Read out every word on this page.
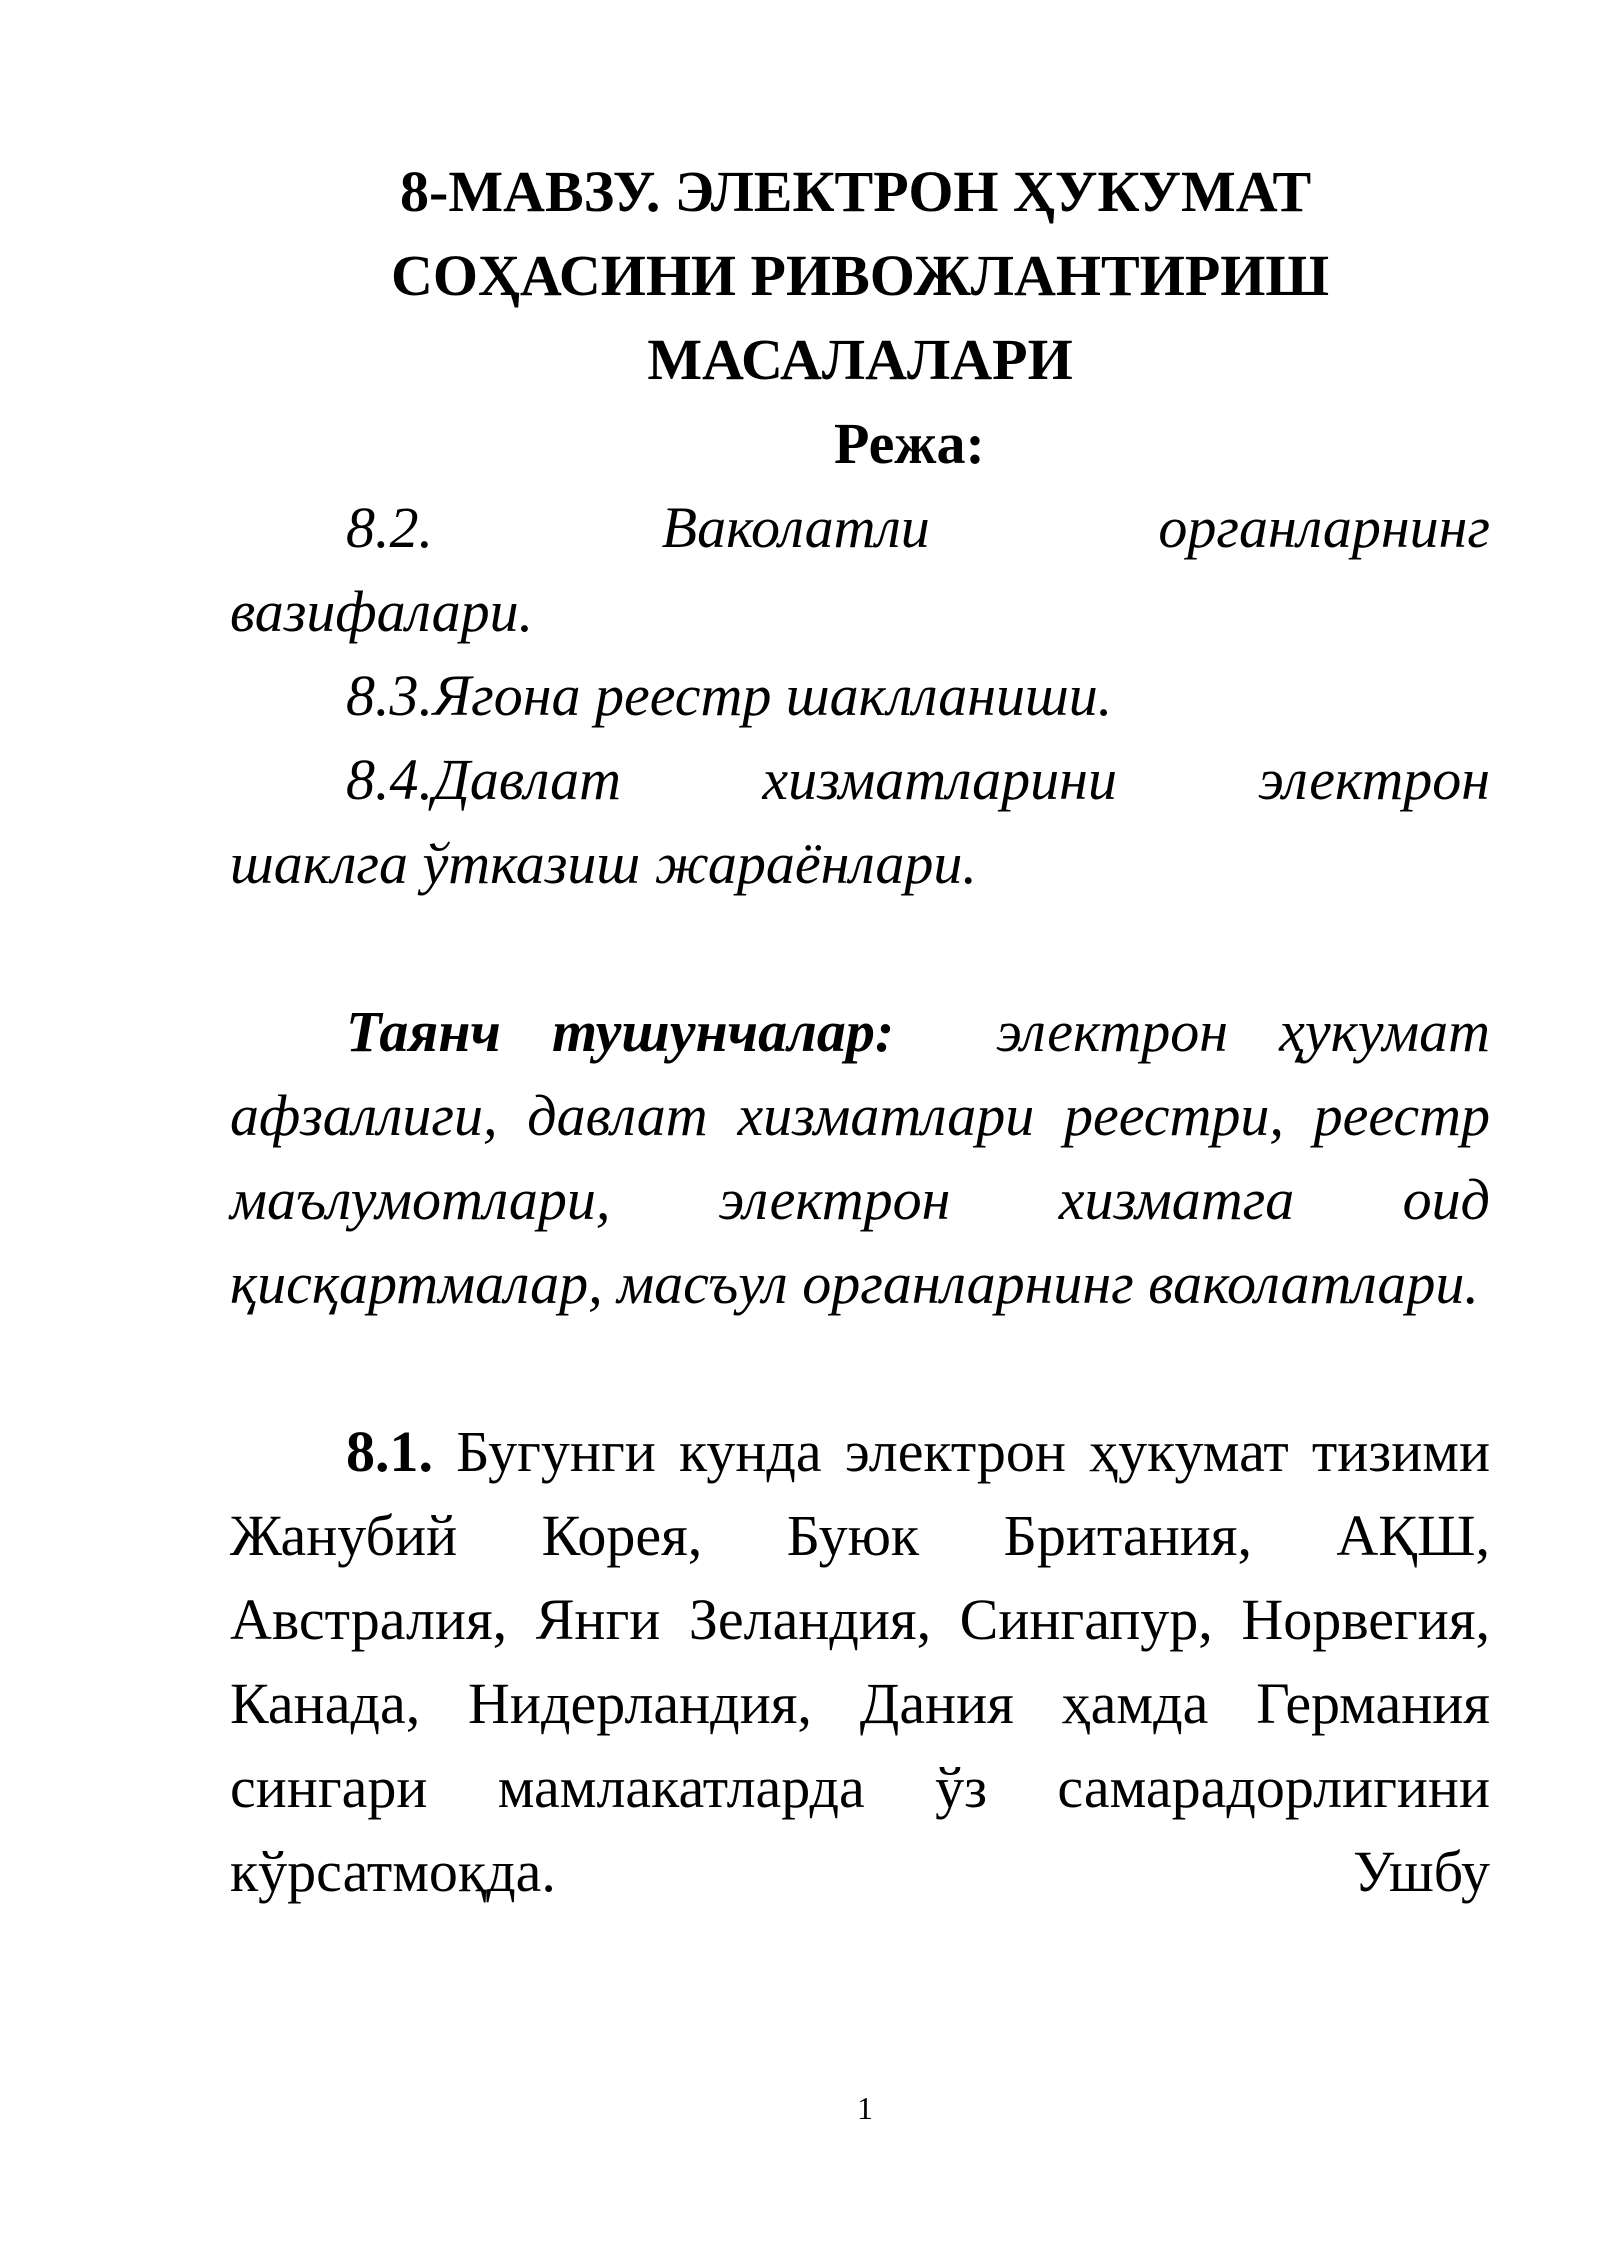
8-МАВЗУ. ЭЛЕКТРОН ҲУКУМАТ
СОҲАСИНИ РИВОЖЛАНТИРИШ
МАСАЛАЛАРИ
Режа:

8.2. Ваколатли органларнинг
вазифалари.

8.3.Ягона реестр шаклланиши.

8.4.Давлат хизматларини электрон
шаклга ўтказиш жараёнлари.

Таянч тушунчалар: электрон ҳукумат афзаллиги, давлат хизматлари реестри, реестр маълумотлари, электрон хизматга оид қисқартмалар, масъул органларнинг ваколатлари.

8.1. Бугунги кунда электрон ҳукумат тизими Жанубий Корея, Буюк Британия, АҚШ, Австралия, Янги Зеландия, Сингапур, Норвегия, Канада, Нидерландия, Дания ҳамда Германия сингари мамлакатларда ўз самарадорлигини кўрсатмоқда. Ушбу

1
